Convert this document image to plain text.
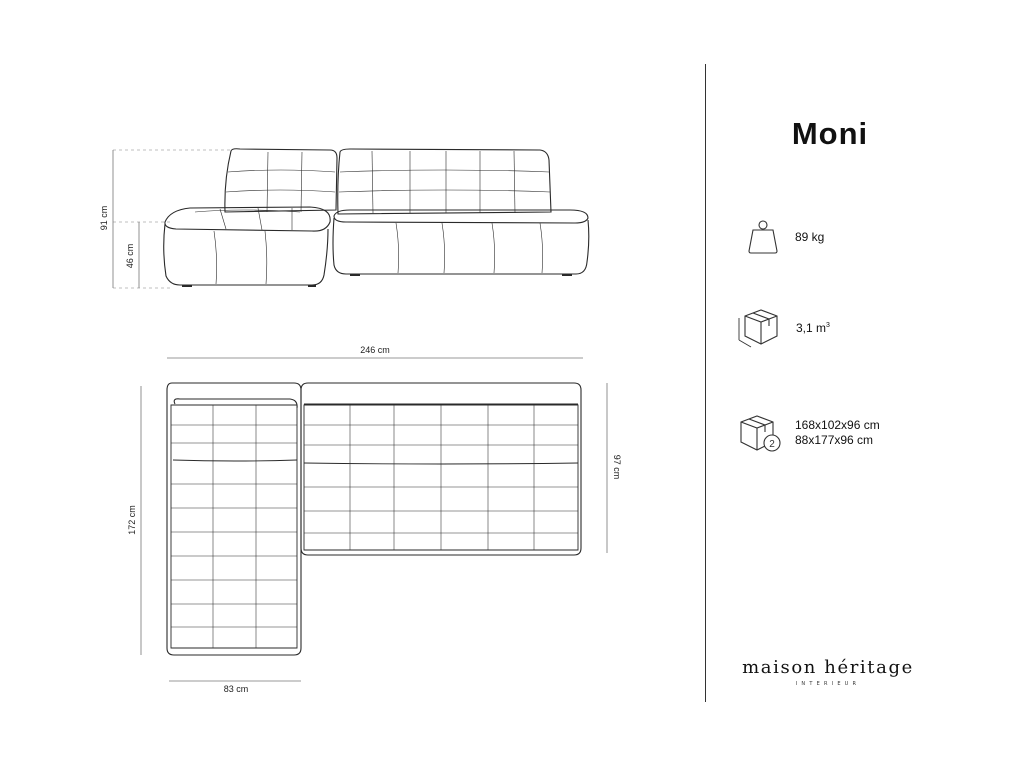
91 cm
46 cm
246 cm
172 cm
97 cm
83 cm
Moni
89 kg
3,1 $m^3$
2
168x102x96 cm
88x177x96 cm
maison héritage
INTERIEUR
